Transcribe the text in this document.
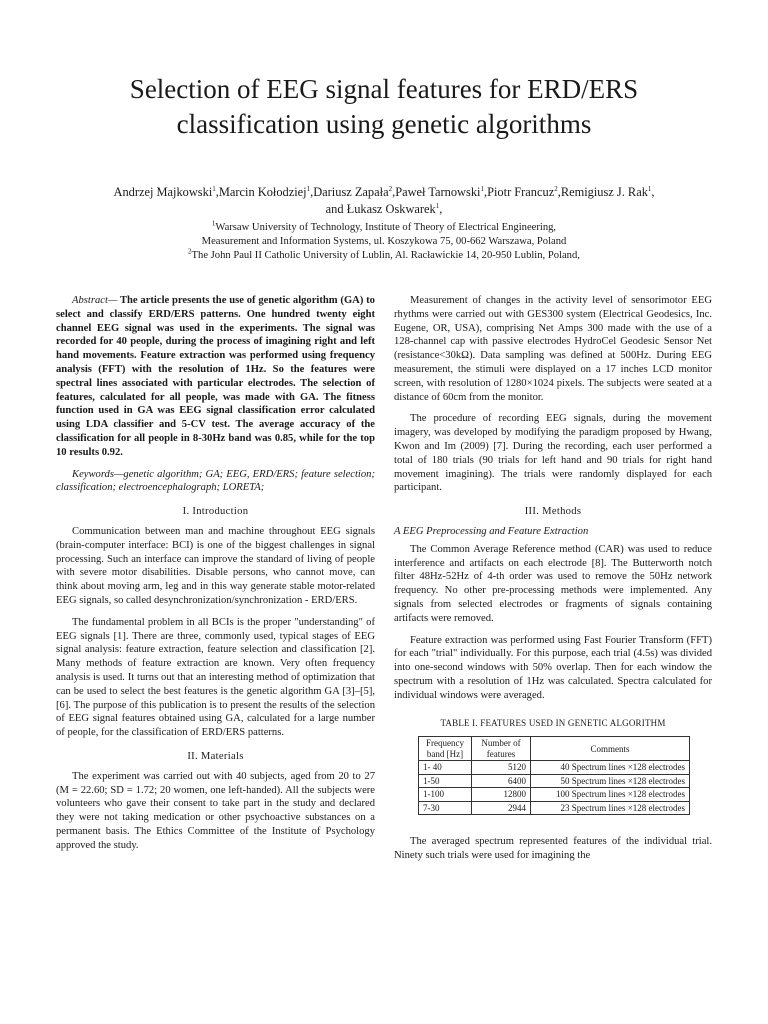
Selection of EEG signal features for ERD/ERS classification using genetic algorithms
Andrzej Majkowski$^1$,Marcin Kołodziej$^1$,Dariusz Zapała$^2$,Paweł Tarnowski$^1$,Piotr Francuz$^2$,Remigiusz J. Rak$^1$,
and Łukasz Oskwarek$^1$,
$^1$Warsaw University of Technology, Institute of Theory of Electrical Engineering,
Measurement and Information Systems, ul. Koszykowa 75, 00-662 Warszawa, Poland
$^2$The John Paul II Catholic University of Lublin, Al. Racławickie 14, 20-950 Lublin, Poland,

Abstract— The article presents the use of genetic algorithm (GA) to select and classify ERD/ERS patterns. One hundred twenty eight channel EEG signal was used in the experiments. The signal was recorded for 40 people, during the process of imagining right and left hand movements. Feature extraction was performed using frequency analysis (FFT) with the resolution of 1Hz. So the features were spectral lines associated with particular electrodes. The selection of features, calculated for all people, was made with GA. The fitness function used in GA was EEG signal classification error calculated using LDA classifier and 5-CV test. The average accuracy of the classification for all people in 8-30Hz band was 0.85, while for the top 10 results 0.92.

Keywords—genetic algorithm; GA; EEG, ERD/ERS; feature selection; classification; electroencephalograph; LORETA;

I. Introduction

Communication between man and machine throughout EEG signals (brain-computer interface: BCI) is one of the biggest challenges in signal processing. Such an interface can improve the standard of living of people with severe motor disabilities. Disable persons, who cannot move, can think about moving arm, leg and in this way generate stable motor-related EEG signals, so called desynchronization/synchronization - ERD/ERS.

The fundamental problem in all BCIs is the proper "understanding" of EEG signals [1]. There are three, commonly used, typical stages of EEG signal analysis: feature extraction, feature selection and classification [2]. Many methods of feature extraction are known. Very often frequency analysis is used. It turns out that an interesting method of optimization that can be used to select the best features is the genetic algorithm GA [3]–[5], [6]. The purpose of this publication is to present the results of the selection of EEG signal features obtained using GA, calculated for a large number of people, for the classification of ERD/ERS patterns.

II. Materials

The experiment was carried out with 40 subjects, aged from 20 to 27 (M = 22.60; SD = 1.72; 20 women, one left-handed). All the subjects were volunteers who gave their consent to take part in the study and declared they were not taking medication or other psychoactive substances on a permanent basis. The Ethics Committee of the Institute of Psychology approved the study.

Measurement of changes in the activity level of sensorimotor EEG rhythms were carried out with GES300 system (Electrical Geodesics, Inc. Eugene, OR, USA), comprising Net Amps 300 made with the use of a 128-channel cap with passive electrodes HydroCel Geodesic Sensor Net (resistance<30kΩ). Data sampling was defined at 500Hz. During EEG measurement, the stimuli were displayed on a 17 inches LCD monitor screen, with resolution of 1280×1024 pixels. The subjects were seated at a distance of 60cm from the monitor.

The procedure of recording EEG signals, during the movement imagery, was developed by modifying the paradigm proposed by Hwang, Kwon and Im (2009) [7]. During the recording, each user performed a total of 180 trials (90 trials for left hand and 90 trials for right hand movement imagining). The trials were randomly displayed for each participant.

III. Methods

A EEG Preprocessing and Feature Extraction

The Common Average Reference method (CAR) was used to reduce interference and artifacts on each electrode [8]. The Butterworth notch filter 48Hz-52Hz of 4-th order was used to remove the 50Hz network frequency. No other pre-processing methods were implemented. Any signals from selected electrodes or fragments of signals containing artifacts were removed.

Feature extraction was performed using Fast Fourier Transform (FFT) for each "trial" individually. For this purpose, each trial (4.5s) was divided into one-second windows with 50% overlap. Then for each window the spectrum with a resolution of 1Hz was calculated. Spectra calculated for individual windows were averaged.

TABLE I. FEATURES USED IN GENETIC ALGORITHM
Frequency band [Hz]	Number of features	Comments
1- 40	5120	40 Spectrum lines ×128 electrodes
1-50	6400	50 Spectrum lines ×128 electrodes
1-100	12800	100 Spectrum lines ×128 electrodes
7-30	2944	23 Spectrum lines ×128 electrodes

The averaged spectrum represented features of the individual trial. Ninety such trials were used for imagining the
